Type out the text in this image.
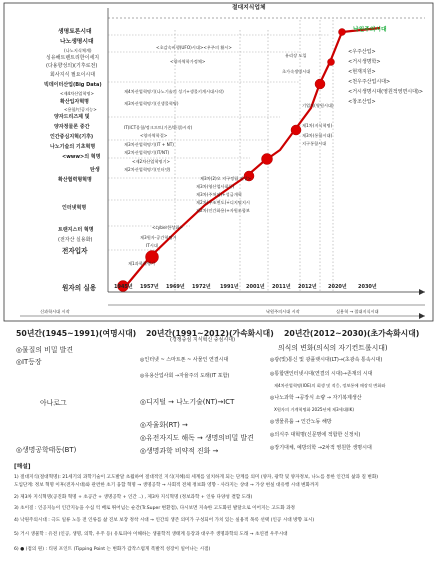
절대지식업체
낙원주의시대
생명토론시대
나노생명시대
(나노지식체계)
싱유해트렌트리한이세지
(다용향성의)(기후로전)
회사지식 필요이시대
빅데이터산업(Big Data)
<제4차산업혁명>
확산입자혁명
<용합/인공지능>
양자드리즈제 및
양자정물론 중간
인간중심지혁(기후)
나노기술의 기초혁명
<www>의 혁명
탄생
확산협력형혁명
인터넷혁명
트랜지스터 혁명
(전자산 실용화)
전자입자
원자의 실용	1945년 1957년 1969년 1972년 1991년 2001년 2011년 2012년 2020년 2030년
<초감속비행(UFO)시대><우주의 활시>
유리장 도입
초가속생명시대
<양자역학가정체>
제4차산업혁명기(나노기술의 성기+생물키계시대시작)
제3차산업혁명기(신생물혁명)
IT(ICT융합/정크프트(기존/환경)시작)
<양자역학결>
제3차산업혁명기(IT + NT)
제2차산업혁명기(IT/NT)
<제2차산업혁명기>
제2차산업혁명기(인터넷)
제3차(2)오 지구정립 진상>
제3차(영산업사회동)
제3차(주쳐임)+성급개혁
제2차(구조변도)+디지털지시
제2차(인간화용)+자원조합보
<cyber한성화>
제3원자-공간혁명기
IT시대
제1과학혁명기
<우주산업>
<거시생명학>
<현재지원>
<천우주산업시대>
<거시생명시대(영원적영면시대)>
<창조산업>
기업의(영원시대)
제1차(지식혁명)
제3차(통합시대)
지구통합시대
신과학시대 시작	낙원주의시대 시작	실용혁 → 절대지식시대
50년간(1945~1991)(여명시대) 20년간(1991~2012)(가속화시대)
(경쟁중심 지식혁신 중심시대)
20년간(2012~2030)(초가속화시대)
◎물질의 비밀 발견
◎IT등장
아나로그
◎생명공학태동(BT)
◎인터넷 ~ 스마트폰 ~ 사물인 연결시대
◎유용산업사회 →자율주의 도래(IT 포함)
◎디지털 → 나노기술(NT)→ICT
◎자율화(RT) →
◎유전자지도 해독 → 생명의비밀 발견
◎생명과학 비약적 진화 →
의식의 변화(의식의 자기컨트롤시대)
◎광(빛)통신 및 광플랫시대(LT)→(초광속 통속시대)
◎통합맨인터넷시대(연결의 시대)→존재의 시대
제4차산업혁명(IOE)의 회생 및 적응, 정보통에 매장적 변화와
◎나노과학 →공장식 소량 → 자기복제생산
X원자의 거계혁명화 2025년에 제3세대(IK)
◎생물류룹 → 인간노동 해방
◎의식주 대혁명(신문명에 적합한 신정치)
◎장기대체, 예방의학 →2차적 영원한 생명시대
[해설]
1) 절대지식(절대혁명): 21세기의 과학기술이 고도발달 초월하여 절대적인 지식(지혜)의 세계를 일치하게 되는 단계를 의미 (양자, 광학 및 양자정보, 나노를 통한 인간의 삶과 질 변화)
도입단계: 정보 혁명 이후(전자시대)와 관련한 초기 융합 혁명 → 생명공학 → 사회적 전체 정보화 영향 - 사라지는 상대 → 가상 현실 대유행 시대 변화까지
2) 제3차 지식혁명(공진화 혁명 + 초공간 + 생명공학 + 인간 ..) , 제3차 지식혁명 (정보과학 + 인류 다양성 결합 도래)
3) 초이질 : 인공지능이 인간지능을 수십 억 배로 뛰어넘는 순간(Tr.Super 변환점), 다시보면 지속한 고도화된 발달으로 이어지는 고도화 과정
4) 낙원주의시대 : 극도 일류 노동 전 인류를 삶 진보 보장 정착 시대 → 인간의 생존 의미가 구성되어 가치 있는 실용적 목록 선택 (인공 시대 방향 표시)
5) 거시 생물학 : 유전 (인공, 생명, 의학, 우주 등) 유토피아 이해하는 생물학적 생태계 등장과 대우주 생명과학의 도래 → 초연결 우주시대
6) ● (점의 원) : 티핑 포인트 (Tipping Point 는 변화가 갑작스럽게 폭발적 성장이 일어나는 시점)
